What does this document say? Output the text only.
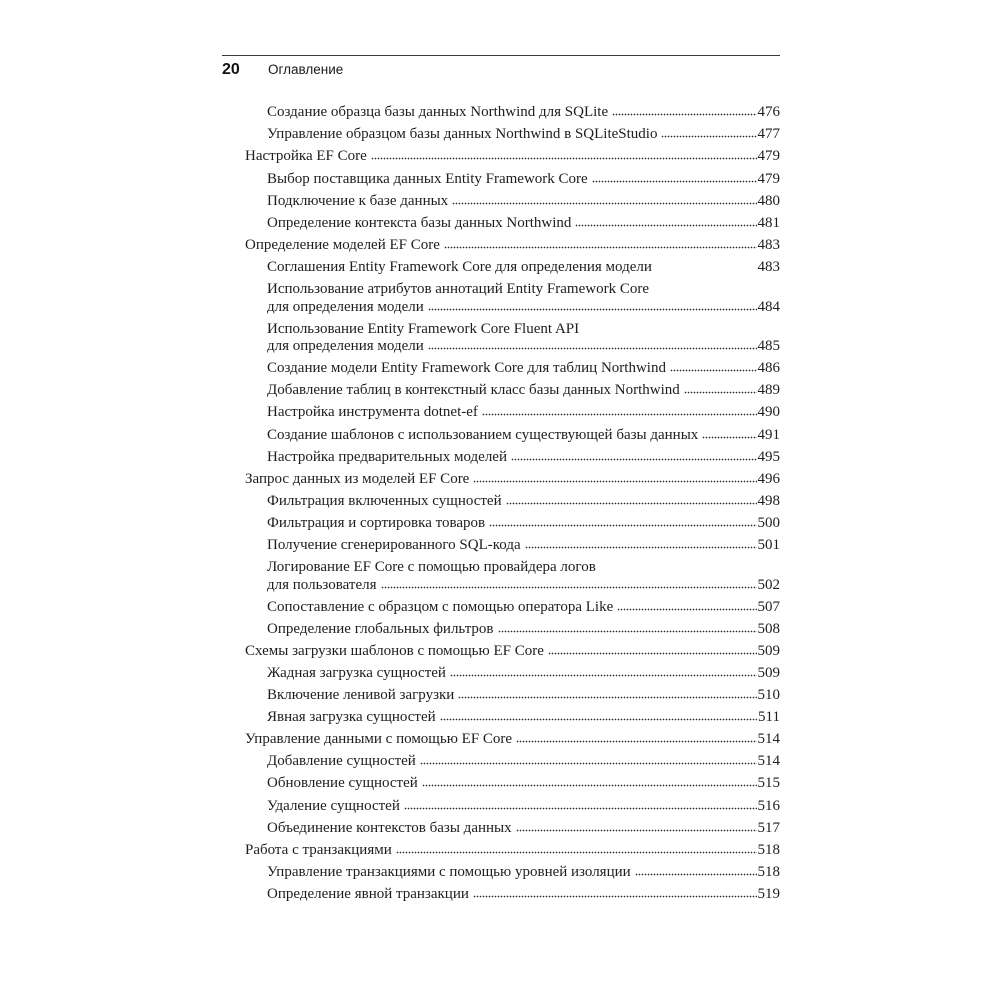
20	Оглавление
Создание образца базы данных Northwind для SQLite	476
Управление образцом базы данных Northwind в SQLiteStudio	477
Настройка EF Core	479
Выбор поставщика данных Entity Framework Core	479
Подключение к базе данных	480
Определение контекста базы данных Northwind	481
Определение моделей EF Core	483
Соглашения Entity Framework Core для определения модели	483
Использование атрибутов аннотаций Entity Framework Core
для определения модели	484
Использование Entity Framework Core Fluent API
для определения модели	485
Создание модели Entity Framework Core для таблиц Northwind	486
Добавление таблиц в контекстный класс базы данных Northwind	489
Настройка инструмента dotnet-ef	490
Создание шаблонов с использованием существующей базы данных	491
Настройка предварительных моделей	495
Запрос данных из моделей EF Core	496
Фильтрация включенных сущностей	498
Фильтрация и сортировка товаров	500
Получение сгенерированного SQL-кода	501
Логирование EF Core с помощью провайдера логов
для пользователя	502
Сопоставление с образцом с помощью оператора Like	507
Определение глобальных фильтров	508
Схемы загрузки шаблонов с помощью EF Core	509
Жадная загрузка сущностей	509
Включение ленивой загрузки	510
Явная загрузка сущностей	511
Управление данными с помощью EF Core	514
Добавление сущностей	514
Обновление сущностей	515
Удаление сущностей	516
Объединение контекстов базы данных	517
Работа с транзакциями	518
Управление транзакциями с помощью уровней изоляции	518
Определение явной транзакции	519
